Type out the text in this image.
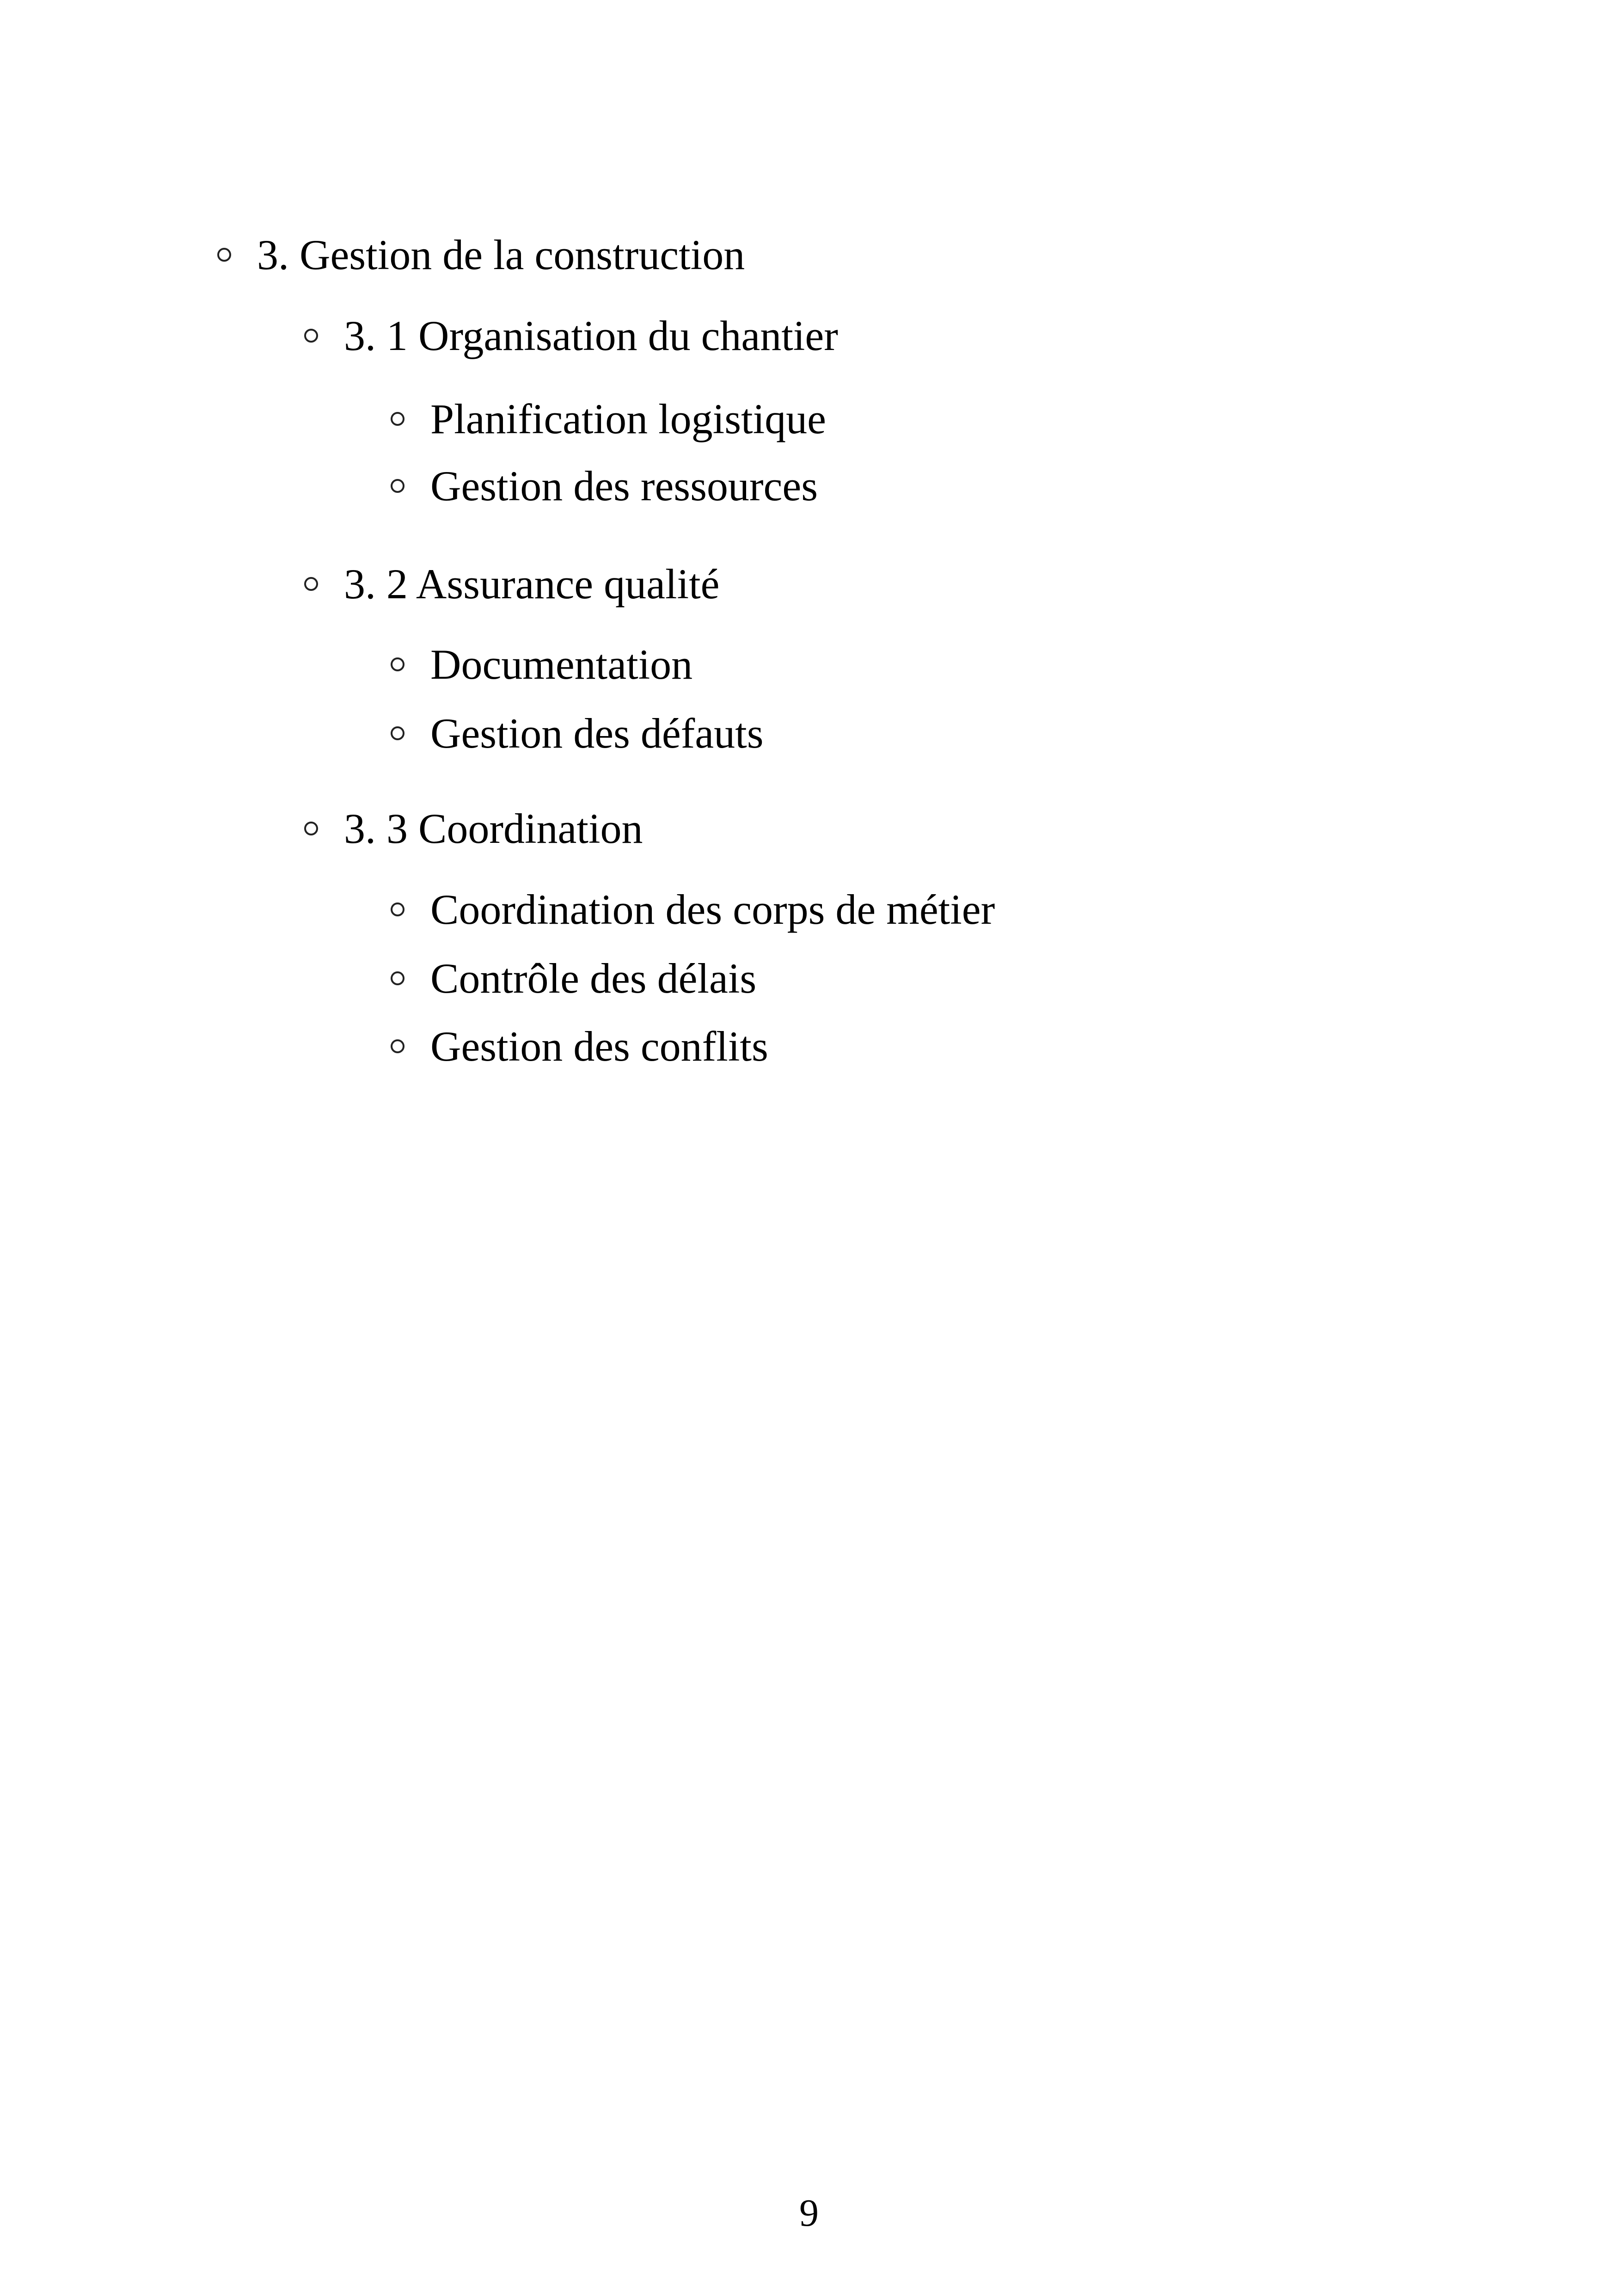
3. Gestion de la construction
3. 1 Organisation du chantier
Planification logistique
Gestion des ressources
3. 2 Assurance qualité
Documentation
Gestion des défauts
3. 3 Coordination
Coordination des corps de métier
Contrôle des délais
Gestion des conflits
9
